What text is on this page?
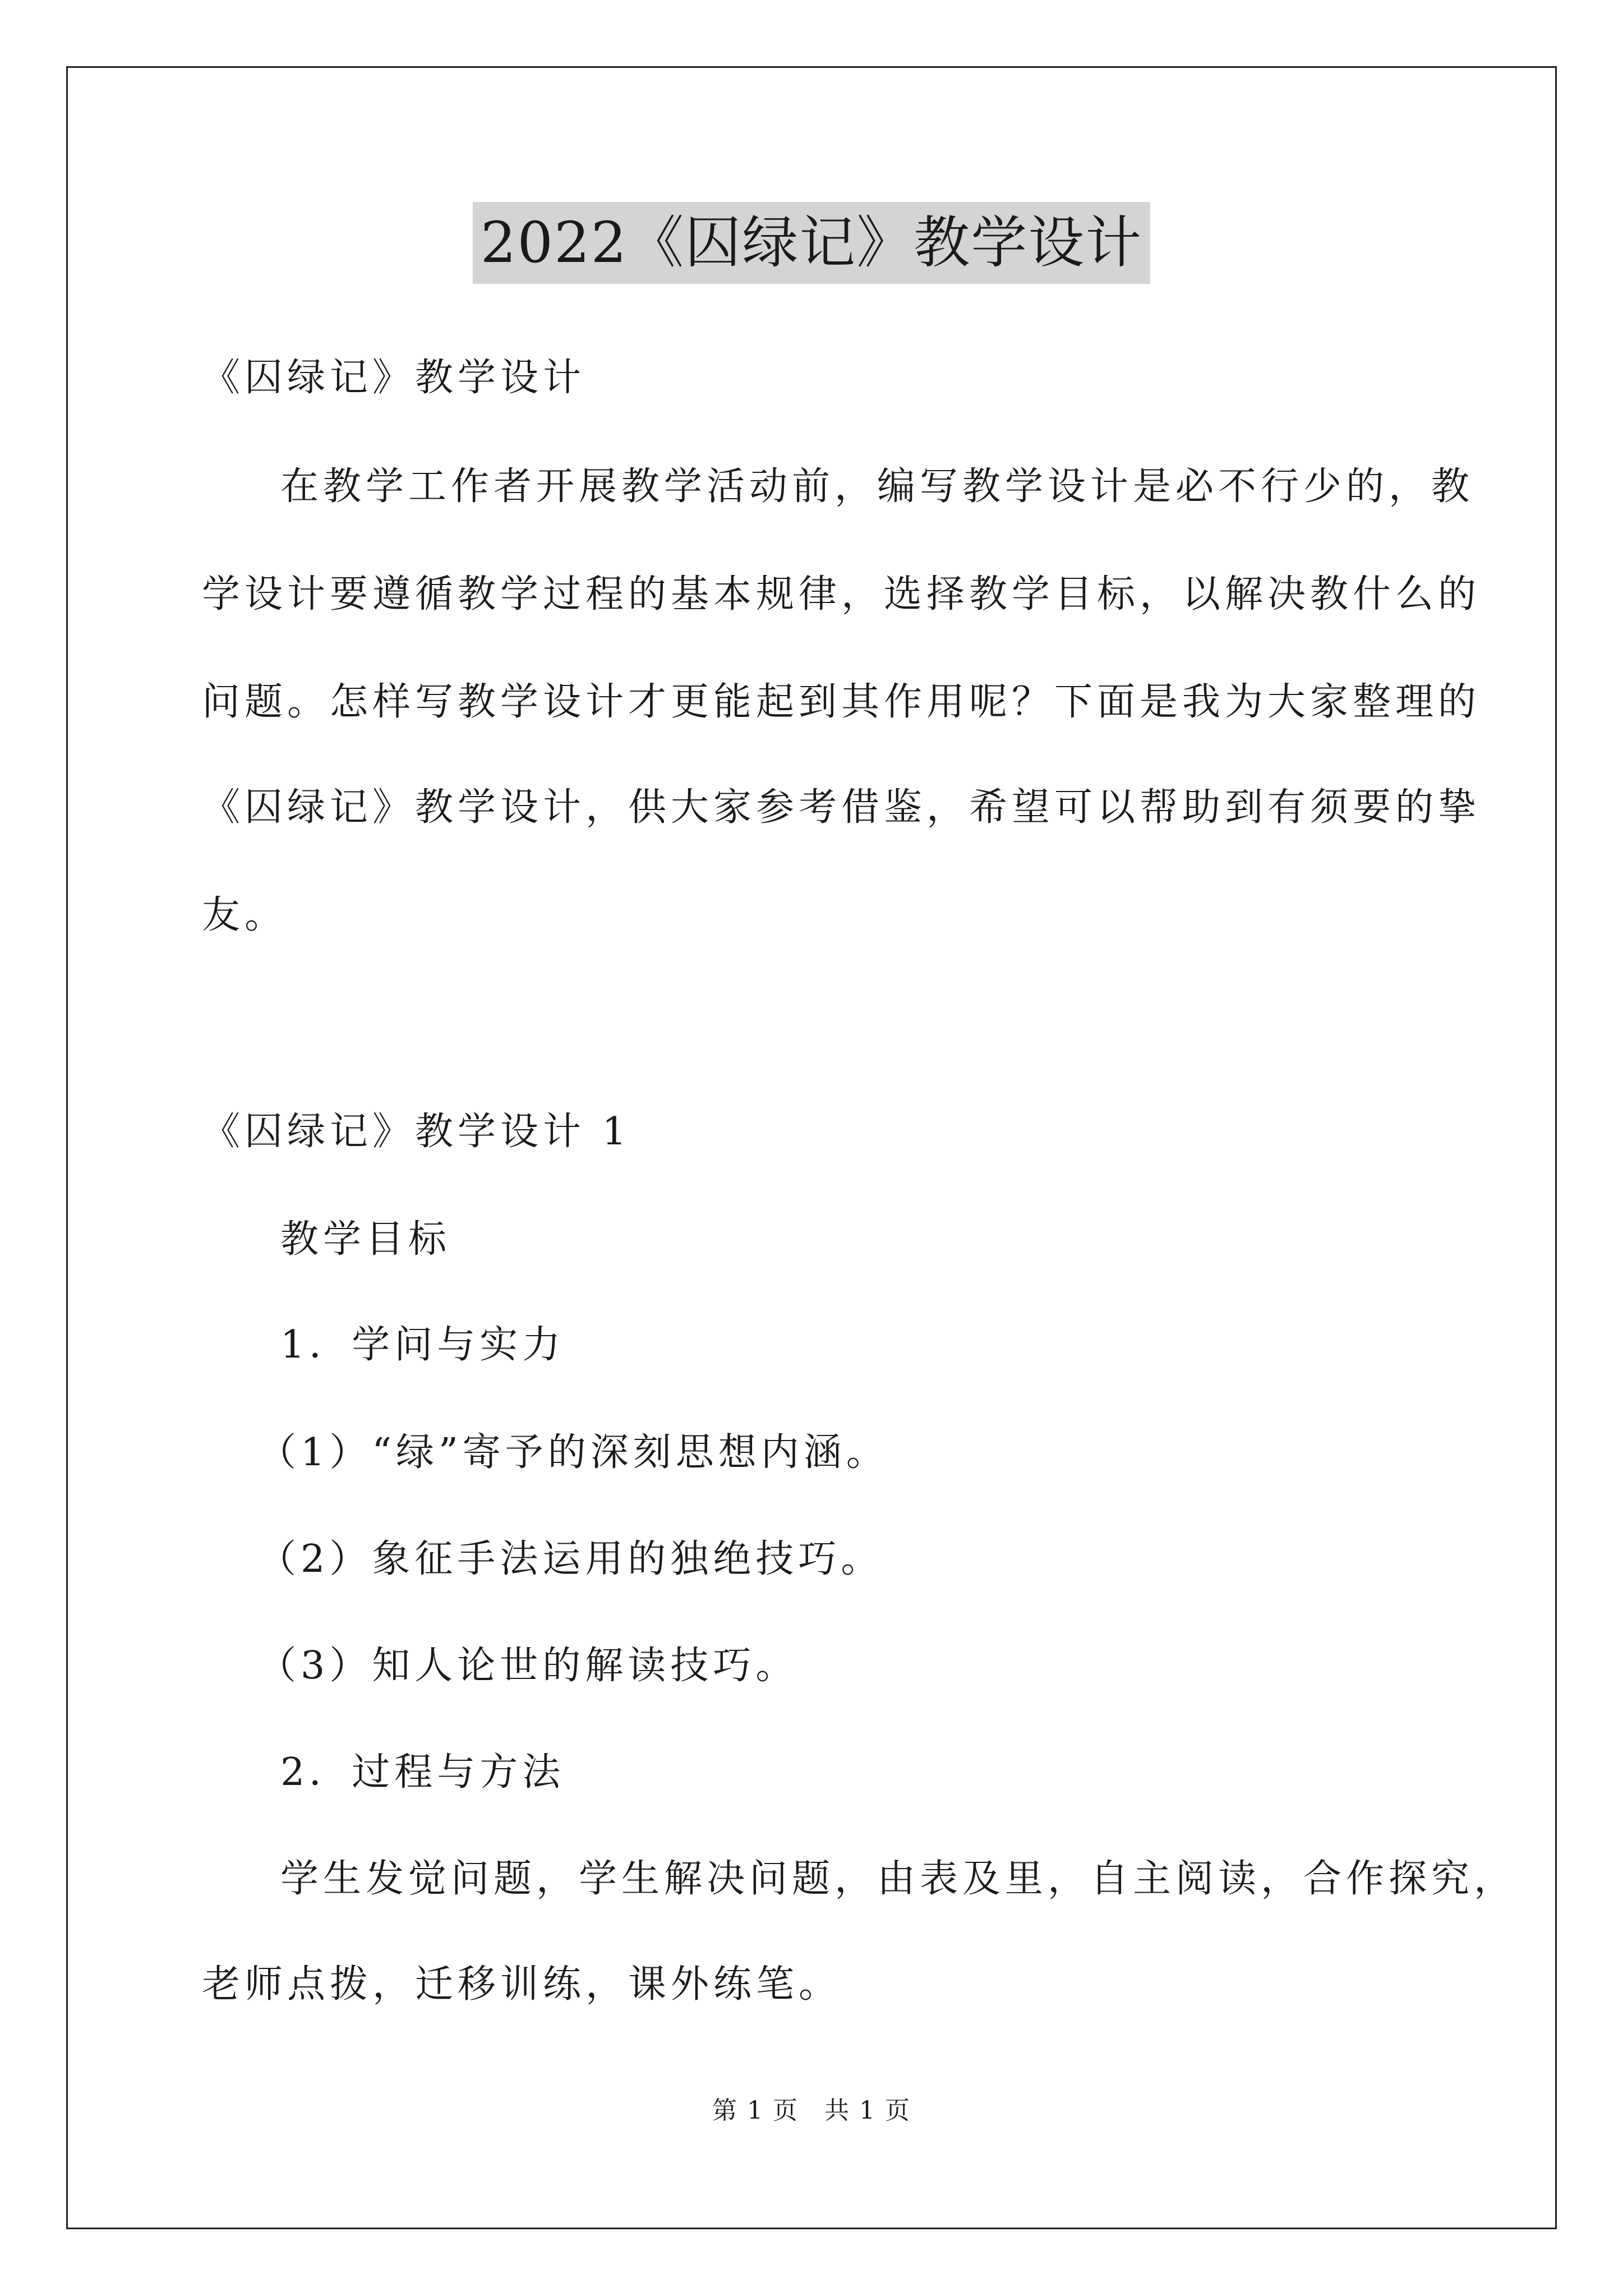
2022《囚绿记》教学设计
《囚绿记》教学设计
在教学工作者开展教学活动前，编写教学设计是必不行少的，教
学设计要遵循教学过程的基本规律，选择教学目标，以解决教什么的
问题。怎样写教学设计才更能起到其作用呢？下面是我为大家整理的
《囚绿记》教学设计，供大家参考借鉴，希望可以帮助到有须要的挚
友。
《囚绿记》教学设计 1
教学目标
1．学问与实力
（1）“绿”寄予的深刻思想内涵。
（2）象征手法运用的独绝技巧。
（3）知人论世的解读技巧。
2．过程与方法
学生发觉问题，学生解决问题，由表及里，自主阅读，合作探究，
老师点拨，迁移训练，课外练笔。
第 1 页　共 1 页
